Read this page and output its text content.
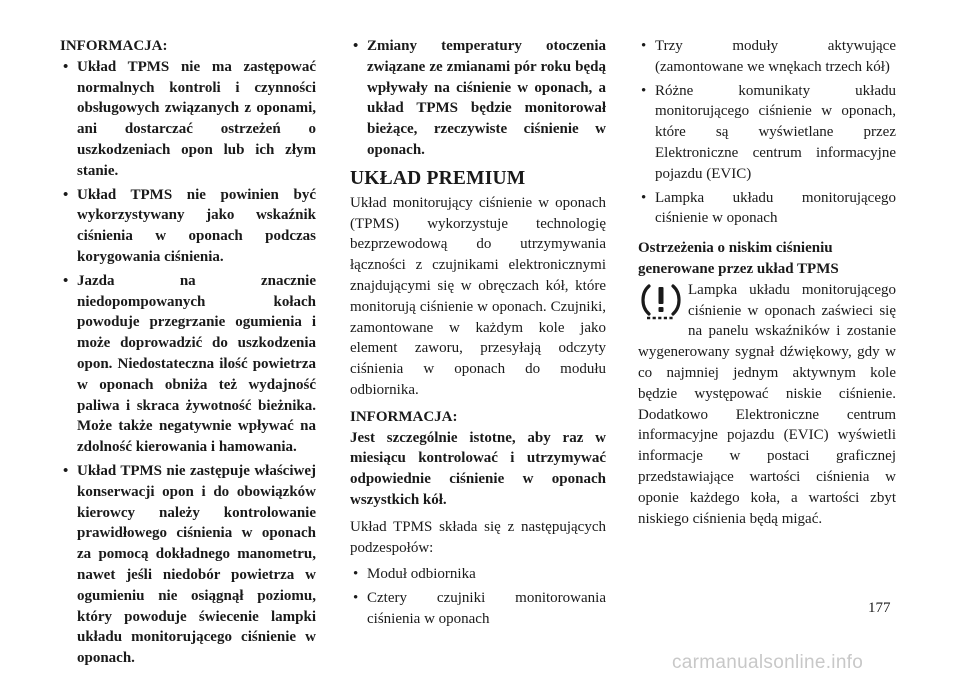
INFORMACJA:

• Układ TPMS nie ma zastępować normalnych kontroli i czynności obsługowych związanych z oponami, ani dostarczać ostrzeżeń o uszkodzeniach opon lub ich złym stanie.
• Układ TPMS nie powinien być wykorzystywany jako wskaźnik ciśnienia w oponach podczas korygowania ciśnienia.
• Jazda na znacznie niedopompowanych kołach powoduje przegrzanie ogumienia i może doprowadzić do uszkodzenia opon. Niedostateczna ilość powietrza w oponach obniża też wydajność paliwa i skraca żywotność bieżnika. Może także negatywnie wpływać na zdolność kierowania i hamowania.
• Układ TPMS nie zastępuje właściwej konserwacji opon i do obowiązków kierowcy należy kontrolowanie prawidłowego ciśnienia w oponach za pomocą dokładnego manometru, nawet jeśli niedobór powietrza w ogumieniu nie osiągnął poziomu, który powoduje świecenie lampki układu monitorującego ciśnienie w oponach.
• Zmiany temperatury otoczenia związane ze zmianami pór roku będą wpływały na ciśnienie w oponach, a układ TPMS będzie monitorował bieżące, rzeczywiste ciśnienie w oponach.

UKŁAD PREMIUM

Układ monitorujący ciśnienie w oponach (TPMS) wykorzystuje technologię bezprzewodową do utrzymywania łączności z czujnikami elektronicznymi znajdującymi się w obręczach kół, które monitorują ciśnienie w oponach. Czujniki, zamontowane w każdym kole jako element zaworu, przesyłają odczyty ciśnienia w oponach do modułu odbiornika.

INFORMACJA:

Jest szczególnie istotne, aby raz w miesiącu kontrolować i utrzymywać odpowiednie ciśnienie w oponach wszystkich kół.

Układ TPMS składa się z następujących podzespołów:

• Moduł odbiornika
• Cztery czujniki monitorowania ciśnienia w oponach
• Trzy moduły aktywujące (zamontowane we wnękach trzech kół)
• Różne komunikaty układu monitorującego ciśnienie w oponach, które są wyświetlane przez Elektroniczne centrum informacyjne pojazdu (EVIC)
• Lampka układu monitorującego ciśnienie w oponach

Ostrzeżenia o niskim ciśnieniu generowane przez układ TPMS

Lampka układu monitorującego ciśnienie w oponach zaświeci się na panelu wskaźników i zostanie wygenerowany sygnał dźwiękowy, gdy w co najmniej jednym aktywnym kole będzie występować niskie ciśnienie. Dodatkowo Elektroniczne centrum informacyjne pojazdu (EVIC) wyświetli informacje w postaci graficznej przedstawiające wartości ciśnienia w oponie każdego koła, a wartości zbyt niskiego ciśnienia będą migać.

177
carmanualsonline.info
